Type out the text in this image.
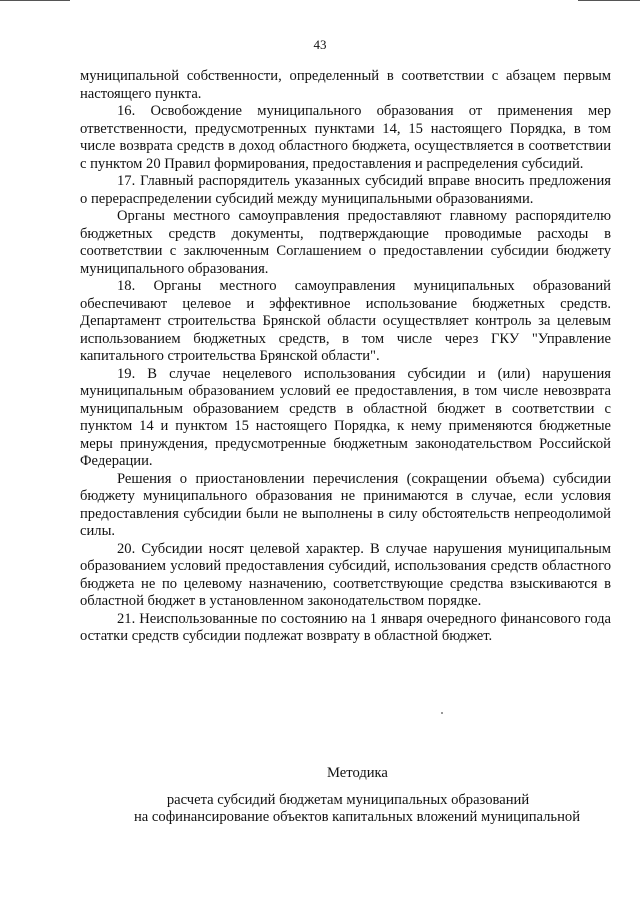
43

муниципальной собственности, определенный в соответствии с абзацем первым настоящего пункта.

16. Освобождение муниципального образования от применения мер ответственности, предусмотренных пунктами 14, 15 настоящего Порядка, в том числе возврата средств в доход областного бюджета, осуществляется в соответствии с пунктом 20 Правил формирования, предоставления и распределения субсидий.

17. Главный распорядитель указанных субсидий вправе вносить предложения о перераспределении субсидий между муниципальными образованиями.

Органы местного самоуправления предоставляют главному распорядителю бюджетных средств документы, подтверждающие проводимые расходы в соответствии с заключенным Соглашением о предоставлении субсидии бюджету муниципального образования.

18. Органы местного самоуправления муниципальных образований обеспечивают целевое и эффективное использование бюджетных средств. Департамент строительства Брянской области осуществляет контроль за целевым использованием бюджетных средств, в том числе через ГКУ "Управление капитального строительства Брянской области".

19. В случае нецелевого использования субсидии и (или) нарушения муниципальным образованием условий ее предоставления, в том числе невозврата муниципальным образованием средств в областной бюджет в соответствии с пунктом 14 и пунктом 15 настоящего Порядка, к нему применяются бюджетные меры принуждения, предусмотренные бюджетным законодательством Российской Федерации.

Решения о приостановлении перечисления (сокращении объема) субсидии бюджету муниципального образования не принимаются в случае, если условия предоставления субсидии были не выполнены в силу обстоятельств непреодолимой силы.

20. Субсидии носят целевой характер. В случае нарушения муниципальным образованием условий предоставления субсидий, использования средств областного бюджета не по целевому назначению, соответствующие средства взыскиваются в областной бюджет в установленном законодательством порядке.

21. Неиспользованные по состоянию на 1 января очередного финансового года остатки средств субсидии подлежат возврату в областной бюджет.

Методика

расчета субсидий бюджетам муниципальных образований

на софинансирование объектов капитальных вложений муниципальной
